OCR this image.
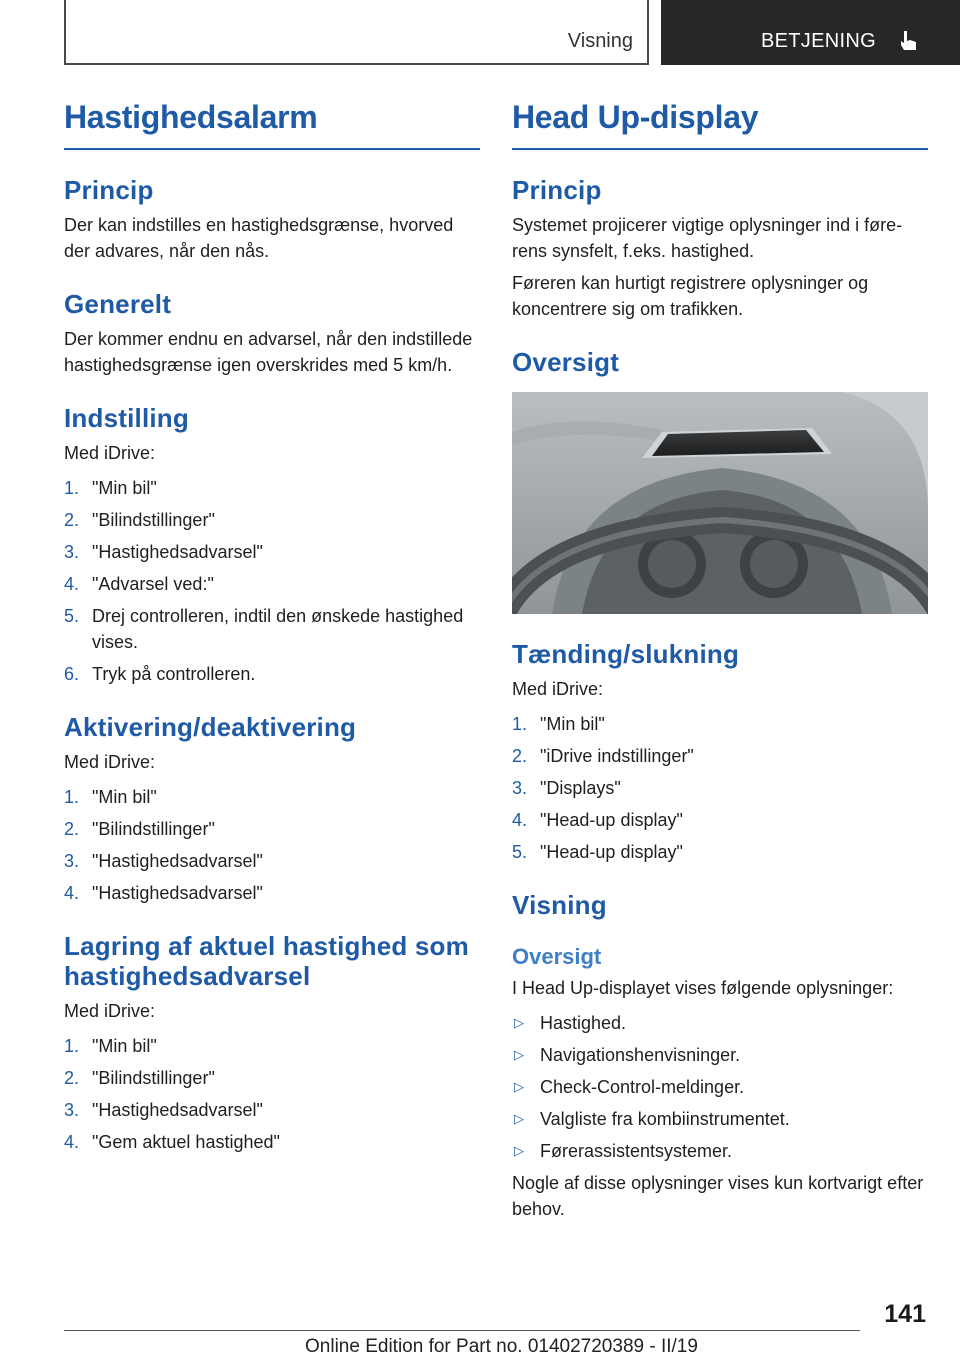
Visning	BETJENING
Hastighedsalarm
Princip

Der kan indstilles en hastighedsgrænse, hvorved der advares, når den nås.

Generelt

Der kommer endnu en advarsel, når den indstillede hastighedsgrænse igen overskrides med 5 km/h.

Indstilling

Med iDrive:

1. "Min bil"
2. "Bilindstillinger"
3. "Hastighedsadvarsel"
4. "Advarsel ved:"
5. Drej controlleren, indtil den ønskede hastighed vises.
6. Tryk på controlleren.
Aktivering/deaktivering

Med iDrive:

1. "Min bil"
2. "Bilindstillinger"
3. "Hastighedsadvarsel"
4. "Hastighedsadvarsel"
Lagring af aktuel hastighed som hastighedsadvarsel

Med iDrive:

1. "Min bil"
2. "Bilindstillinger"
3. "Hastighedsadvarsel"
4. "Gem aktuel hastighed"
Head Up-display
Princip

Systemet projicerer vigtige oplysninger ind i førerens synsfelt, f.eks. hastighed.

Føreren kan hurtigt registrere oplysninger og koncentrere sig om trafikken.

Oversigt
Tænding/slukning

Med iDrive:

1. "Min bil"
2. "iDrive indstillinger"
3. "Displays"
4. "Head-up display"
5. "Head-up display"
Visning
Oversigt

I Head Up-displayet vises følgende oplysninger:

▷ Hastighed.
▷ Navigationshenvisninger.
▷ Check-Control-meldinger.
▷ Valgliste fra kombiinstrumentet.
▷ Førerassistentsystemer.

Nogle af disse oplysninger vises kun kortvarigt efter behov.

141
Online Edition for Part no. 01402720389 - II/19
